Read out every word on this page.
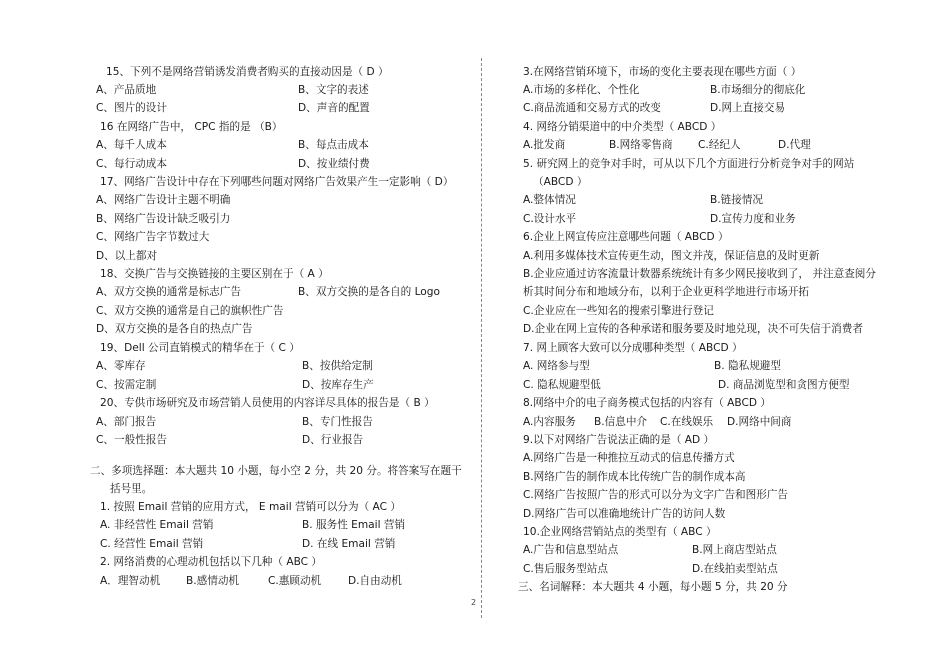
15、下列不是网络营销诱发消费者购买的直接动因是（ D ）
A、产品质地	B、文字的表述
C、图片的设计	D、声音的配置
16 在网络广告中， CPC 指的是 （B）
A、每千人成本	B、每点击成本
C、每行动成本	D、按业绩付费
17、网络广告设计中存在下列哪些问题对网络广告效果产生一定影响（ D）
A、网络广告设计主题不明确
B、网络广告设计缺乏吸引力
C、网络广告字节数过大
D、以上都对
18、交换广告与交换链接的主要区别在于（ A ）
A、双方交换的通常是标志广告	B、双方交换的是各自的 Logo
C、双方交换的通常是自己的旗帜性广告
D、双方交换的是各自的热点广告
19、Dell 公司直销模式的精华在于（ C ）
A、零库存	B、按供给定制
C、按需定制	D、按库存生产
20、专供市场研究及市场营销人员使用的内容详尽具体的报告是（ B ）
A、部门报告	B、专门性报告
C、一般性报告	D、行业报告
二、多项选择题：本大题共 10 小题，每小空 2 分，共 20 分。将答案写在题干
括号里。
1. 按照 Email 营销的应用方式， E mail 营销可以分为（ AC ）
A. 非经营性 Email 营销	B. 服务性 Email 营销
C. 经营性 Email 营销	D. 在线 Email 营销
2. 网络消费的心理动机包括以下几种（ ABC ）
A．理智动机 B.感情动机	C.惠顾动机	D.自由动机
3.在网络营销环境下，市场的变化主要表现在哪些方面（ ）
A.市场的多样化、个性化	B.市场细分的彻底化
C.商品流通和交易方式的改变	D.网上直接交易
4. 网络分销渠道中的中介类型（ ABCD ）
A.批发商	B.网络零售商 C.经纪人	D.代理
5. 研究网上的竞争对手时，可从以下几个方面进行分析竞争对手的网站
（ABCD ）
A.整体情况	B.链接情况
C.设计水平	D.宣传力度和业务
6.企业上网宣传应注意哪些问题（ ABCD ）
A.利用多媒体技术宣传更生动，图文并茂，保证信息的及时更新
B.企业应通过访客流量计数器系统统计有多少网民接收到了， 并注意查阅分
析其时间分布和地域分布，以利于企业更科学地进行市场开拓
C.企业应在一些知名的搜索引擎进行登记
D.企业在网上宣传的各种承诺和服务要及时地兑现，决不可失信于消费者
7. 网上顾客大致可以分成哪种类型（ ABCD ）
A. 网络参与型	B. 隐私规避型
C. 隐私规避型低	D. 商品浏览型和贪图方便型
8.网络中介的电子商务模式包括的内容有（ ABCD ）
A.内容服务 B.信息中介 C.在线娱乐 D.网络中间商
9.以下对网络广告说法正确的是（ AD ）
A.网络广告是一种推拉互动式的信息传播方式
B.网络广告的制作成本比传统广告的制作成本高
C.网络广告按照广告的形式可以分为文字广告和图形广告
D.网络广告可以准确地统计广告的访问人数
10.企业网络营销站点的类型有（ ABC ）
A.广告和信息型站点	B.网上商店型站点
C.售后服务型站点	D.在线拍卖型站点
三、名词解释：本大题共 4 小题，每小题 5 分，共 20 分
2
